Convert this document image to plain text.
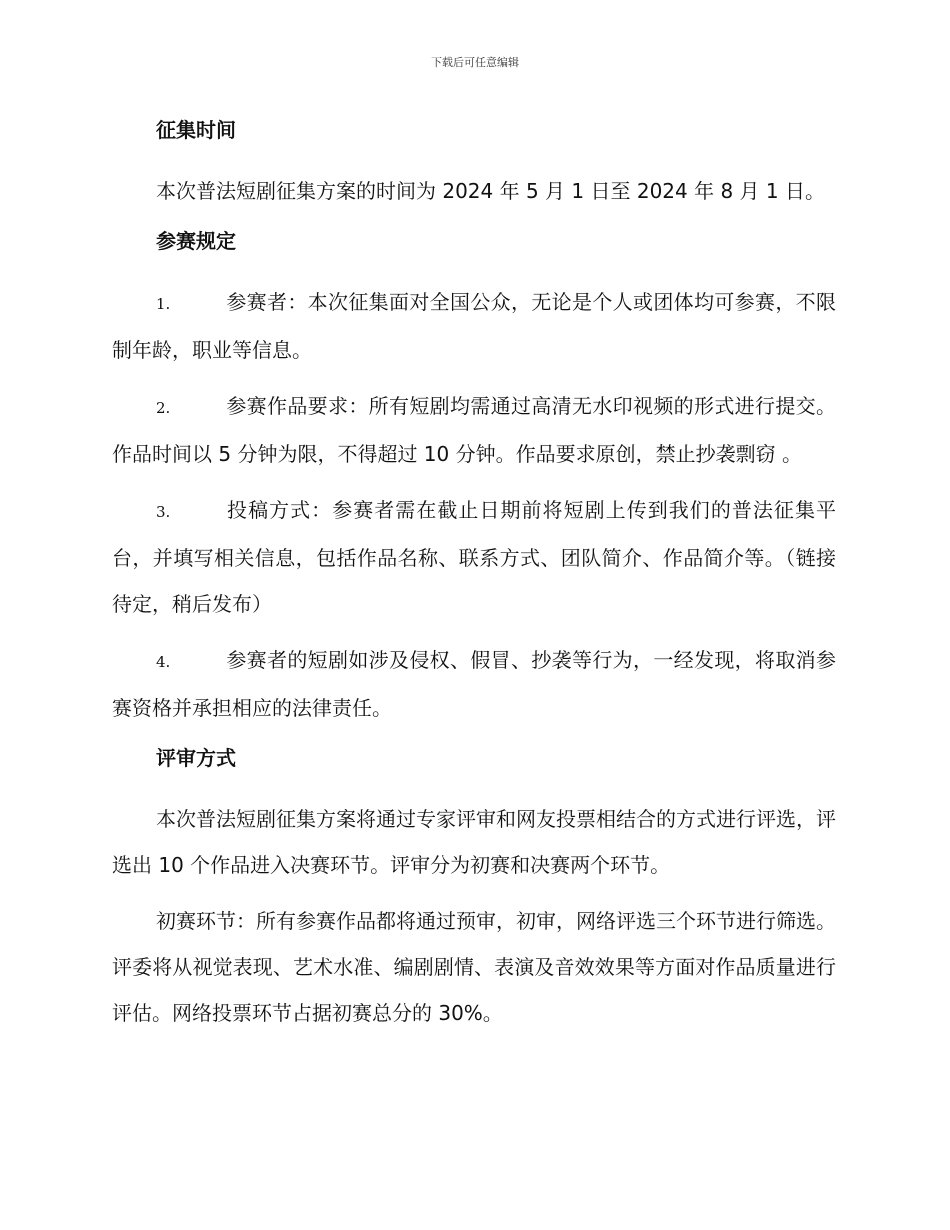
下载后可任意编辑
征集时间

本次普法短剧征集方案的时间为 2024 年 5 月 1 日至 2024 年 8 月 1 日。

参赛规定
1.	参赛者：本次征集面对全国公众，无论是个人或团体均可参赛，不限制年龄，职业等信息。
2.	参赛作品要求：所有短剧均需通过高清无水印视频的形式进行提交。作品时间以 5 分钟为限，不得超过 10 分钟。作品要求原创，禁止抄袭剽窃 。
3.	投稿方式：参赛者需在截止日期前将短剧上传到我们的普法征集平台，并填写相关信息，包括作品名称、联系方式、团队简介、作品简介等。（链接待定，稍后发布）
4.	参赛者的短剧如涉及侵权、假冒、抄袭等行为，一经发现，将取消参赛资格并承担相应的法律责任。
评审方式

本次普法短剧征集方案将通过专家评审和网友投票相结合的方式进行评选，评选出 10 个作品进入决赛环节。评审分为初赛和决赛两个环节。

初赛环节：所有参赛作品都将通过预审，初审，网络评选三个环节进行筛选。评委将从视觉表现、艺术水准、编剧剧情、表演及音效效果等方面对作品质量进行评估。网络投票环节占据初赛总分的 30%。
